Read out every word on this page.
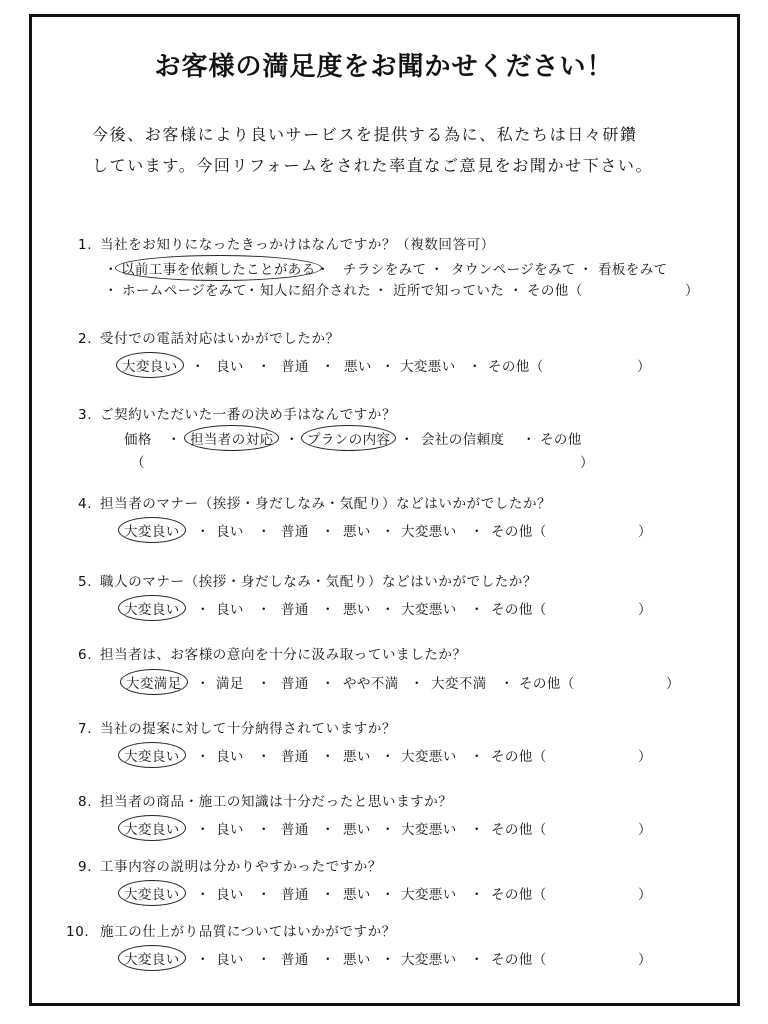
お客様の満足度をお聞かせください！

今後、お客様により良いサービスを提供する為に、私たちは日々研鑽

しています。今回リフォームをされた率直なご意見をお聞かせ下さい。

1. 当社をお知りになったきっかけはなんですか？（複数回答可）

・ 以前工事を依頼したことがある ・ チラシをみて ・ タウンページをみて ・ 看板をみて
・ ホームページをみて
・ 知人に紹介された ・ 近所で知っていた ・ その他（	）

2. 受付での電話対応はいかがでしたか？

大変良い ・ 良い ・ 普通 ・ 悪い ・ 大変悪い ・ その他（	）

3. ご契約いただいた一番の決め手はなんですか？

価格 ・ 担当者の対応 ・ プランの内容 ・ 会社の信頼度 ・ その他
（	）

4. 担当者のマナー（挨拶・身だしなみ・気配り）などはいかがでしたか？

大変良い	・ 良い ・ 普通 ・ 悪い ・ 大変悪い ・ その他（	）

5. 職人のマナー（挨拶・身だしなみ・気配り）などはいかがでしたか？

大変良い	・ 良い ・ 普通 ・ 悪い ・ 大変悪い ・ その他（	）

6. 担当者は、お客様の意向を十分に汲み取っていましたか？

大変満足	・ 満足 ・ 普通 ・ やや不満 ・ 大変不満 ・ その他（	）

7. 当社の提案に対して十分納得されていますか？

大変良い	・ 良い ・ 普通 ・ 悪い ・ 大変悪い ・ その他（	）

8. 担当者の商品・施工の知識は十分だったと思いますか？

大変良い	・ 良い ・ 普通 ・ 悪い ・ 大変悪い ・ その他（	）

9. 工事内容の説明は分かりやすかったですか？

大変良い	・ 良い ・ 普通 ・ 悪い ・ 大変悪い ・ その他（	）

10. 施工の仕上がり品質についてはいかがですか？

大変良い	・ 良い ・ 普通 ・ 悪い ・ 大変悪い ・ その他（	）
